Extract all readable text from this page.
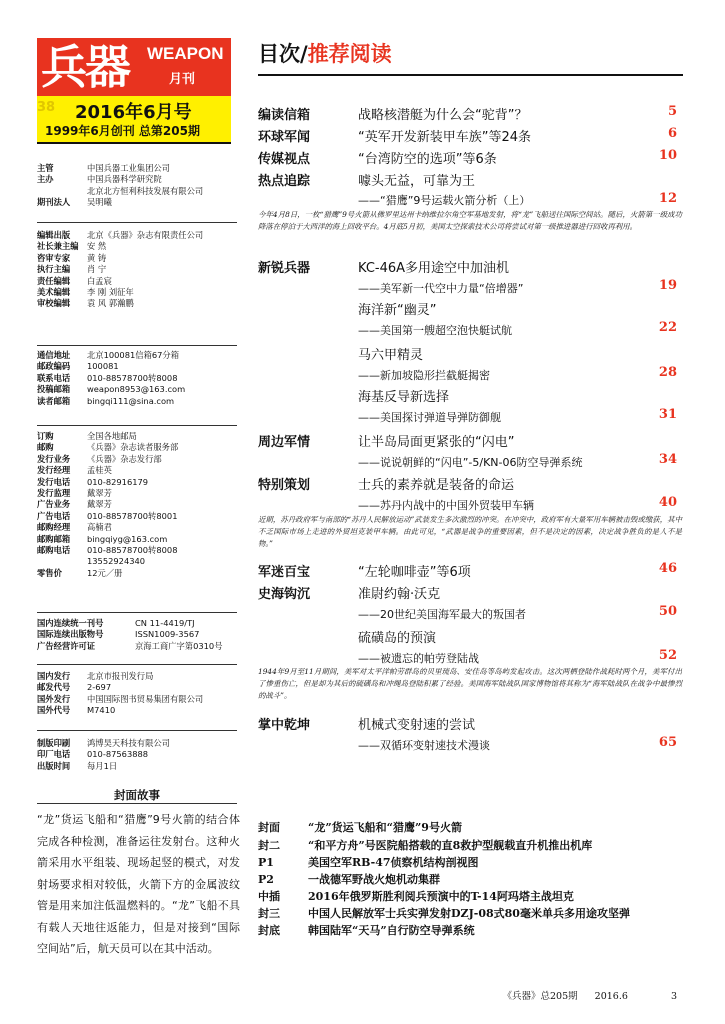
兵器 WEAPON
月刊
38 2016年6月号
1999年6月创刊 总第205期
主管	中国兵器工业集团公司
主办	中国兵器科学研究院
北京北方恒利科技发展有限公司
期刊法人	吴明曦
编辑出版	北京《兵器》杂志有限责任公司
社长兼主编	安 然
咨审专家	黄 铸
执行主编	肖 宁
责任编辑	白孟宸
美术编辑	李 刚 刘征年
审校编辑	袁 风 郭瀚鹏
通信地址	北京100081信箱67分箱
邮政编码	100081
联系电话	010-88578700转8008
投稿邮箱	weapon8953@163.com
读者邮箱	bingqi111@sina.com
订购	全国各地邮局
邮购	《兵器》杂志读者服务部
发行业务	《兵器》杂志发行部
发行经理	孟桂英
发行电话	010-82916179
发行监理	戴翠芳
广告业务	戴翠芳
广告电话	010-88578700转8001
邮购经理	高楠君
邮购邮箱	bingqiyg@163.com
邮购电话	010-88578700转8008
13552924340
零售价	12元／册
国内连续统一刊号	CN 11-4419/TJ
国际连续出版物号	ISSN1009-3567
广告经营许可证	京海工商广字第0310号
国内发行	北京市报刊发行局
邮发代号	2-697
国外发行	中国国际图书贸易集团有限公司
国外代号	M7410
制版印刷	鸿博昊天科技有限公司
印厂电话	010-87563888
出版时间	每月1日
封面故事
“龙”货运飞船和“猎鹰”9号火箭的结合体完成各种检测，准备运往发射台。这种火箭采用水平组装、现场起竖的模式，对发射场要求相对较低，火箭下方的金属波纹管是用来加注低温燃料的。“龙”飞船不具有载人天地往返能力，但是对接到“国际空间站”后，航天员可以在其中活动。
目次/推荐阅读
编读信箱	战略核潜艇为什么会“驼背”？	5
环球军闻	“英军开发新装甲车族”等24条	6
传媒视点	“台湾防空的选项”等6条	10
热点追踪	噱头无益，可靠为王
——“猎鹰”9号运载火箭分析（上）	12
今年4月8日，一枚“猎鹰”9号火箭从佛罗里达州卡纳维拉尔角空军基地发射，将“龙”飞船送往国际空间站。随后，火箭第一级成功降落在停泊于大西洋的海上回收平台。4月底5月初，美国太空探索技术公司将尝试对第一级推进器进行回收再利用。
新锐兵器	KC-46A多用途空中加油机
——美军新一代空中力量“倍增器”	19
海洋新“幽灵”
——美国第一艘超空泡快艇试航	22
马六甲精灵
——新加坡隐形拦截艇揭密	28
海基反导新选择
——美国探讨弹道导弹防御舰	31
周边军情	让半岛局面更紧张的“闪电”
——说说朝鲜的“闪电”-5/KN-06防空导弹系统	34
特别策划	士兵的素养就是装备的命运
——苏丹内战中的中国外贸装甲车辆	40
近期，苏丹政府军与南部的“苏丹人民解放运动”武装发生多次激烈的冲突。在冲突中，政府军有大量军用车辆被击毁或缴获，其中不乏国际市场上走进的外贸坦克装甲车辆。由此可见，“武器是战争的重要因素，但不是决定的因素，决定战争胜负的是人不是物。”
军迷百宝	“左轮咖啡壶”等6项	46
史海钩沉	准尉约翰·沃克
——20世纪美国海军最大的叛国者	50
硫磺岛的预演
——被遗忘的帕劳登陆战	52
1944年9月至11月期间，美军对太平洋帕劳群岛的贝里琉岛、安佳岛等岛屿发起攻击。这次两栖登陆作战耗时两个月，美军付出了惨重伤亡，但是却为其后的硫磺岛和冲绳岛登陆积累了经验。美国海军陆战队国家博物馆将其称为“海军陆战队在战争中最惨烈的战斗”。
掌中乾坤	机械式变射速的尝试
——双循环变射速技术漫谈	65
封面	“龙”货运飞船和“猎鹰”9号火箭
封二	“和平方舟”号医院船搭载的直8救护型舰载直升机推出机库
P1	美国空军RB-47侦察机结构剖视图
P2	一战德军野战火炮机动集群
中插	2016年俄罗斯胜利阅兵预演中的T-14阿玛塔主战坦克
封三	中国人民解放军士兵实弹发射DZJ-08式80毫米单兵多用途攻坚弹
封底	韩国陆军“天马”自行防空导弹系统
《兵器》总205期 2016.6	3
